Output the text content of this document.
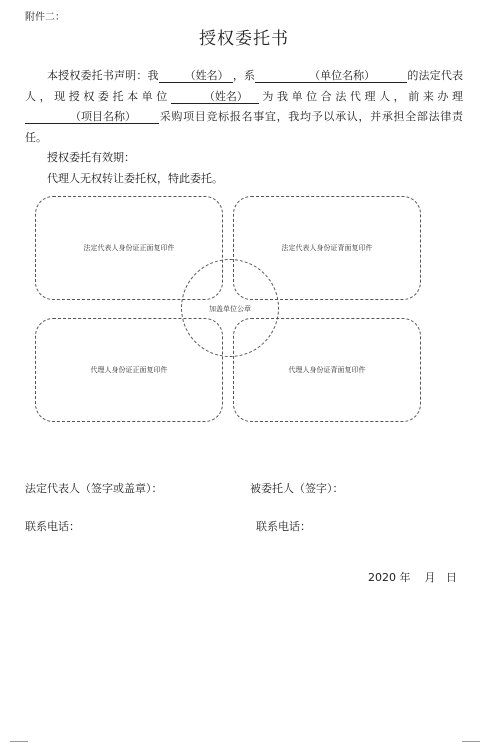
附件二：
授权委托书

本授权委托书声明：我 （姓名） ，系	（单位名称）	的法定代表人，现授权委托本单位	（姓名） 为我单位合法代理人，前来办理（项目名称） 采购项目竞标报名事宜，我均予以承认，并承担全部法律责任。

授权委托有效期：

代理人无权转让委托权，特此委托。

法定代表人身份证正面复印件	法定代表人身份证背面复印件
代理人身份证正面复印件	代理人身份证背面复印件
加盖单位公章
法定代表人（签字或盖章）：	被委托人（签字）：
联系电话：	联系电话：
2020 年    月   日
